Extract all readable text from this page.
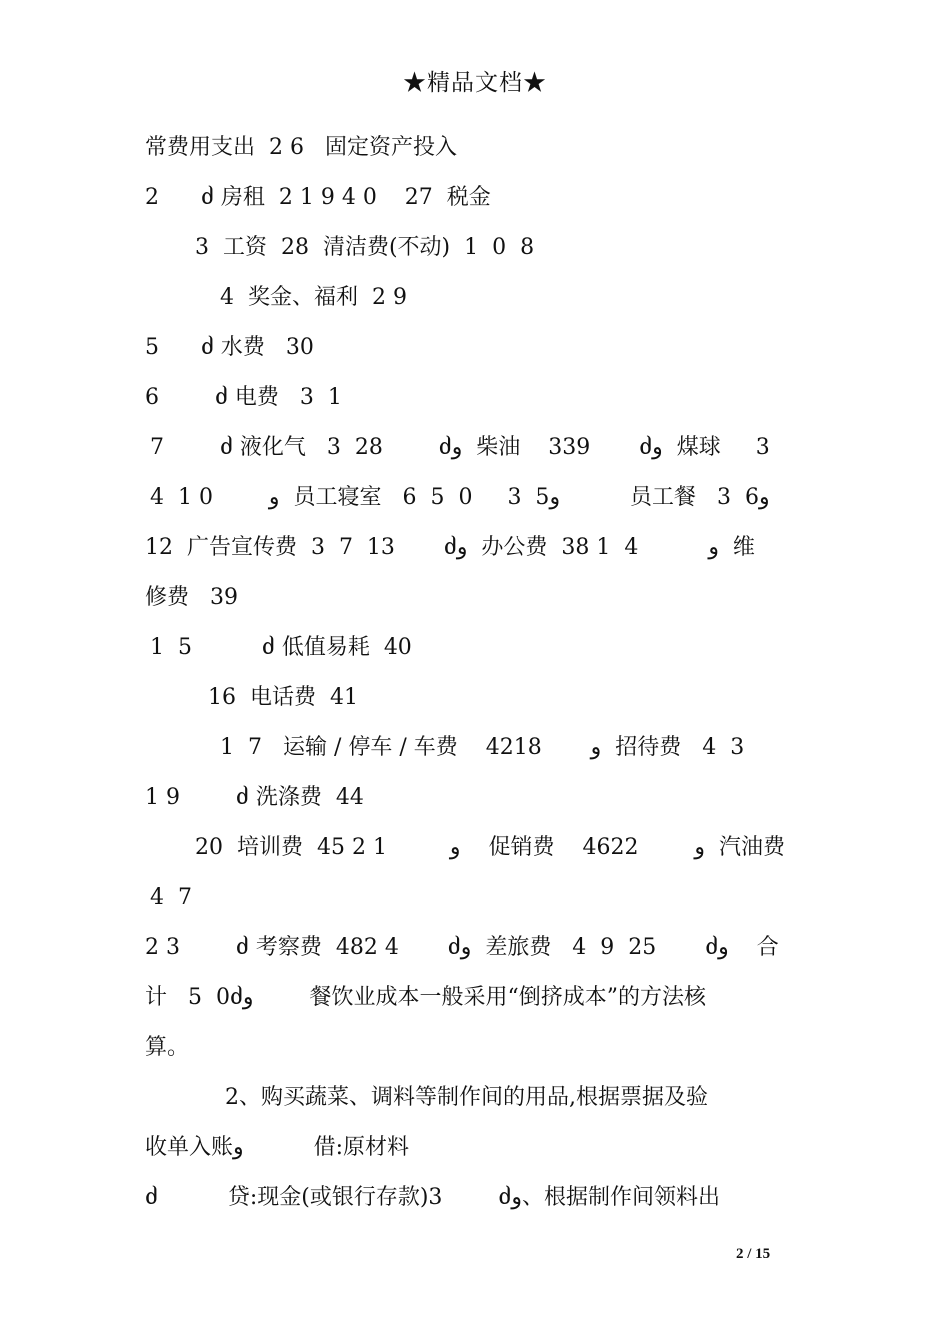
★精品文档★
常费用支出  2 6   固定资产投入
2      ძ 房租  2 1 9 4 0    27  税金
3  工资  28  清洁费(不动)  1  0  8
4  奖金、福利  2 9
5      ძ 水费   30
6        ძ 电费   3  1
7        ძ 液化气   3  28        ძو  柴油    339       ძو  煤球     3
4  1 0        و  员工寝室   6  5  0     3  5و          员工餐   3  6و
12  广告宣传费  3  7  13       ძو  办公费  38 1  4          و  维
修费   39
1  5          ძ 低值易耗  40
16  电话费  41
1  7   运输 / 停车 / 车费    4218       و  招待费   4  3
1 9        ძ 洗涤费  44
20  培训费  45 2 1         و    促销费    4622        و  汽油费
4  7
2 3        ძ 考察费  482 4       ძو  差旅费   4  9  25       ძو    合
计   5  0ძو        餐饮业成本一般采用“倒挤成本”的方法核
算。
2、购买蔬菜、调料等制作间的用品,根据票据及验
收单入账و          借:原材料
ძ          贷:现金(或银行存款)3        ძو、根据制作间领料出
2 / 15
